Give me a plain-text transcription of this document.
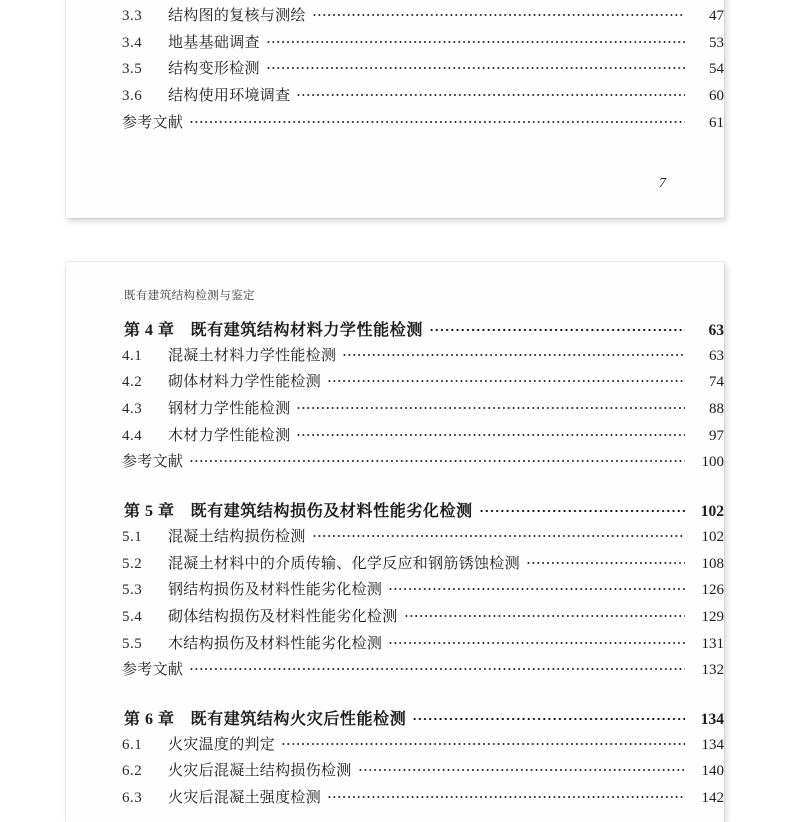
3.3	结构图的复核与测绘	47
3.4	地基基础调查	53
3.5	结构变形检测	54
3.6	结构使用环境调查	60
参考文献	61
7
既有建筑结构检测与鉴定
第 4 章	既有建筑结构材料力学性能检测	63
4.1	混凝土材料力学性能检测	63
4.2	砌体材料力学性能检测	74
4.3	钢材力学性能检测	88
4.4	木材力学性能检测	97
参考文献	100
第 5 章	既有建筑结构损伤及材料性能劣化检测	102
5.1	混凝土结构损伤检测	102
5.2	混凝土材料中的介质传输、化学反应和钢筋锈蚀检测	108
5.3	钢结构损伤及材料性能劣化检测	126
5.4	砌体结构损伤及材料性能劣化检测	129
5.5	木结构损伤及材料性能劣化检测	131
参考文献	132
第 6 章	既有建筑结构火灾后性能检测	134
6.1	火灾温度的判定	134
6.2	火灾后混凝土结构损伤检测	140
6.3	火灾后混凝土强度检测	142
